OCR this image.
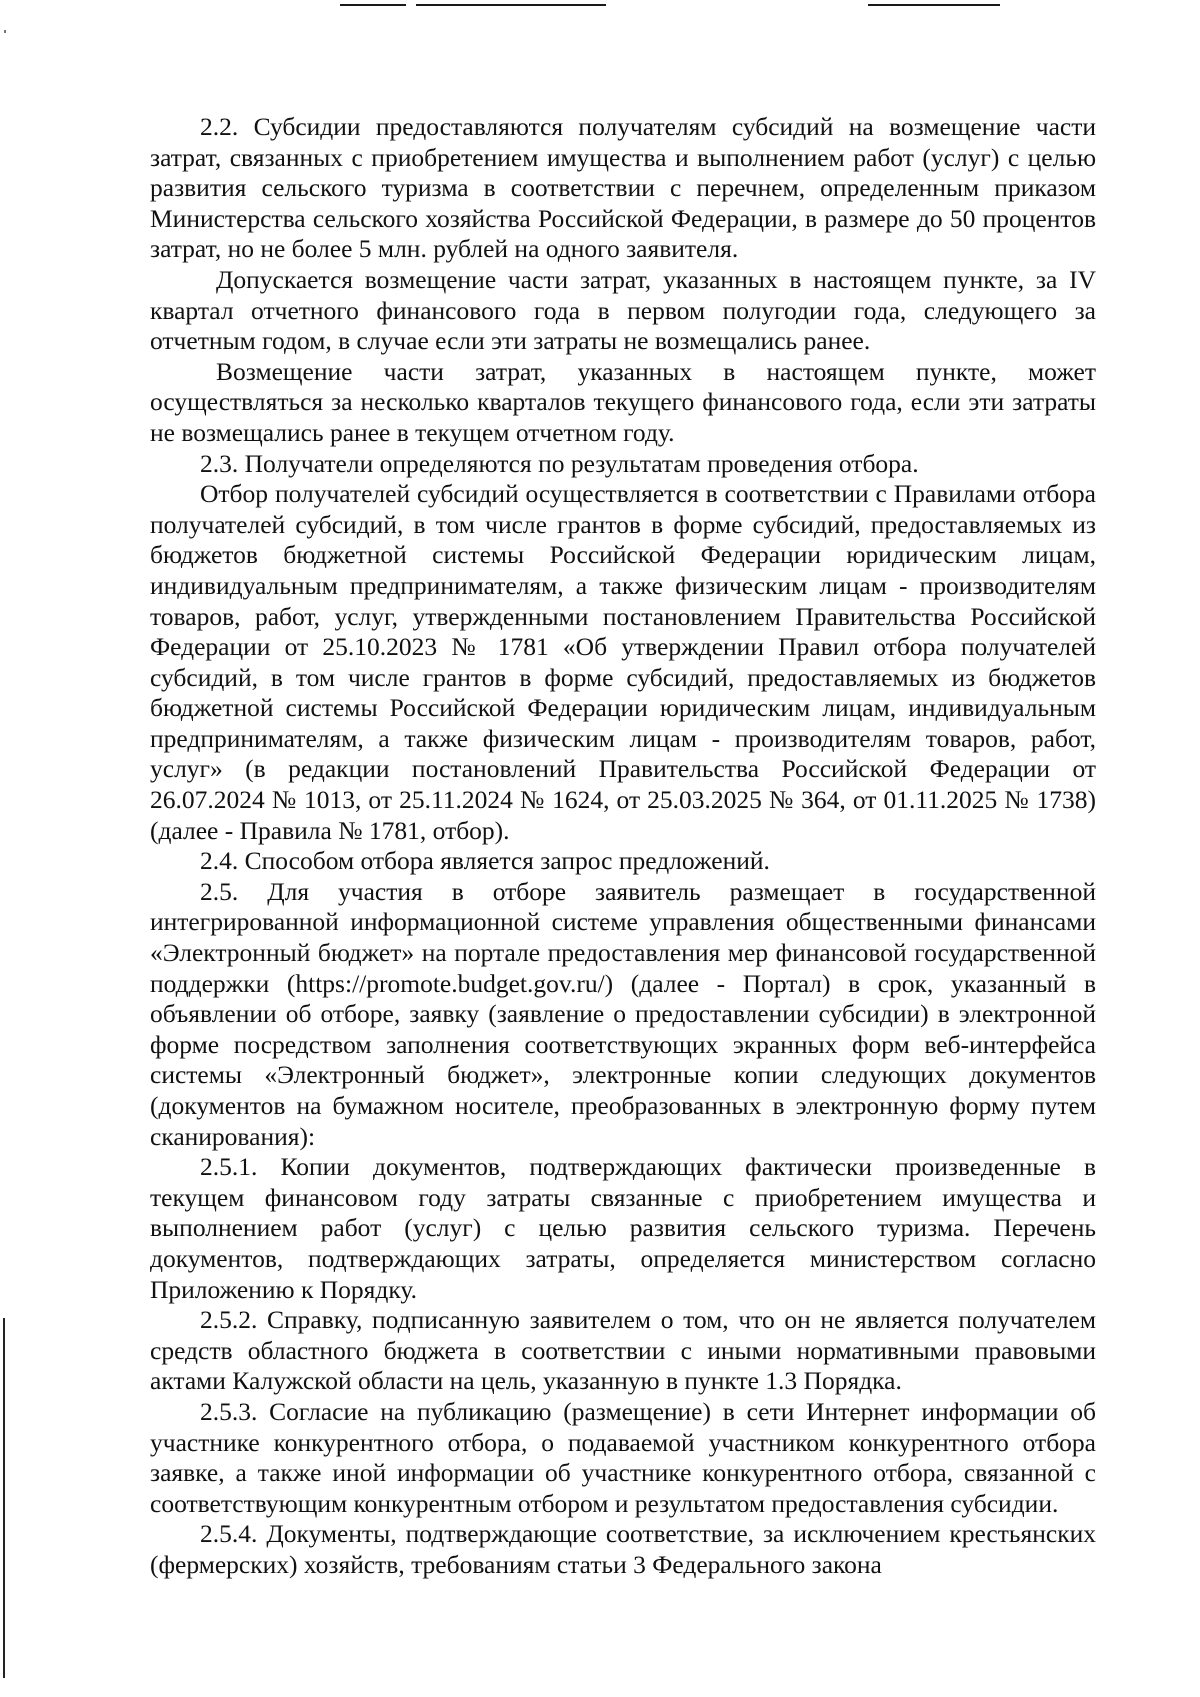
2.2. Субсидии предоставляются получателям субсидий на возмещение части затрат, связанных с приобретением имущества и выполнением работ (услуг) с целью развития сельского туризма в соответствии с перечнем, определенным приказом Министерства сельского хозяйства Российской Федерации, в размере до 50 процентов затрат, но не более 5 млн. рублей на одного заявителя.

Допускается возмещение части затрат, указанных в настоящем пункте, за IV квартал отчетного финансового года в первом полугодии года, следующего за отчетным годом, в случае если эти затраты не возмещались ранее.

Возмещение части затрат, указанных в настоящем пункте, может осуществляться за несколько кварталов текущего финансового года, если эти затраты не возмещались ранее в текущем отчетном году.

2.3. Получатели определяются по результатам проведения отбора.

Отбор получателей субсидий осуществляется в соответствии с Правилами отбора получателей субсидий, в том числе грантов в форме субсидий, предоставляемых из бюджетов бюджетной системы Российской Федерации юридическим лицам, индивидуальным предпринимателям, а также физическим лицам - производителям товаров, работ, услуг, утвержденными постановлением Правительства Российской Федерации от 25.10.2023 № 1781 «Об утверждении Правил отбора получателей субсидий, в том числе грантов в форме субсидий, предоставляемых из бюджетов бюджетной системы Российской Федерации юридическим лицам, индивидуальным предпринимателям, а также физическим лицам - производителям товаров, работ, услуг» (в редакции постановлений Правительства Российской Федерации от 26.07.2024 № 1013, от 25.11.2024 № 1624, от 25.03.2025 № 364, от 01.11.2025 № 1738) (далее - Правила № 1781, отбор).

2.4. Способом отбора является запрос предложений.

2.5. Для участия в отборе заявитель размещает в государственной интегрированной информационной системе управления общественными финансами «Электронный бюджет» на портале предоставления мер финансовой государственной поддержки (https://promote.budget.gov.ru/) (далее - Портал) в срок, указанный в объявлении об отборе, заявку (заявление о предоставлении субсидии) в электронной форме посредством заполнения соответствующих экранных форм веб-интерфейса системы «Электронный бюджет», электронные копии следующих документов (документов на бумажном носителе, преобразованных в электронную форму путем сканирования):

2.5.1. Копии документов, подтверждающих фактически произведенные в текущем финансовом году затраты связанные с приобретением имущества и выполнением работ (услуг) с целью развития сельского туризма. Перечень документов, подтверждающих затраты, определяется министерством согласно Приложению к Порядку.

2.5.2. Справку, подписанную заявителем о том, что он не является получателем средств областного бюджета в соответствии с иными нормативными правовыми актами Калужской области на цель, указанную в пункте 1.3 Порядка.

2.5.3. Согласие на публикацию (размещение) в сети Интернет информации об участнике конкурентного отбора, о подаваемой участником конкурентного отбора заявке, а также иной информации об участнике конкурентного отбора, связанной с соответствующим конкурентным отбором и результатом предоставления субсидии.

2.5.4. Документы, подтверждающие соответствие, за исключением крестьянских (фермерских) хозяйств, требованиям статьи 3 Федерального закона
